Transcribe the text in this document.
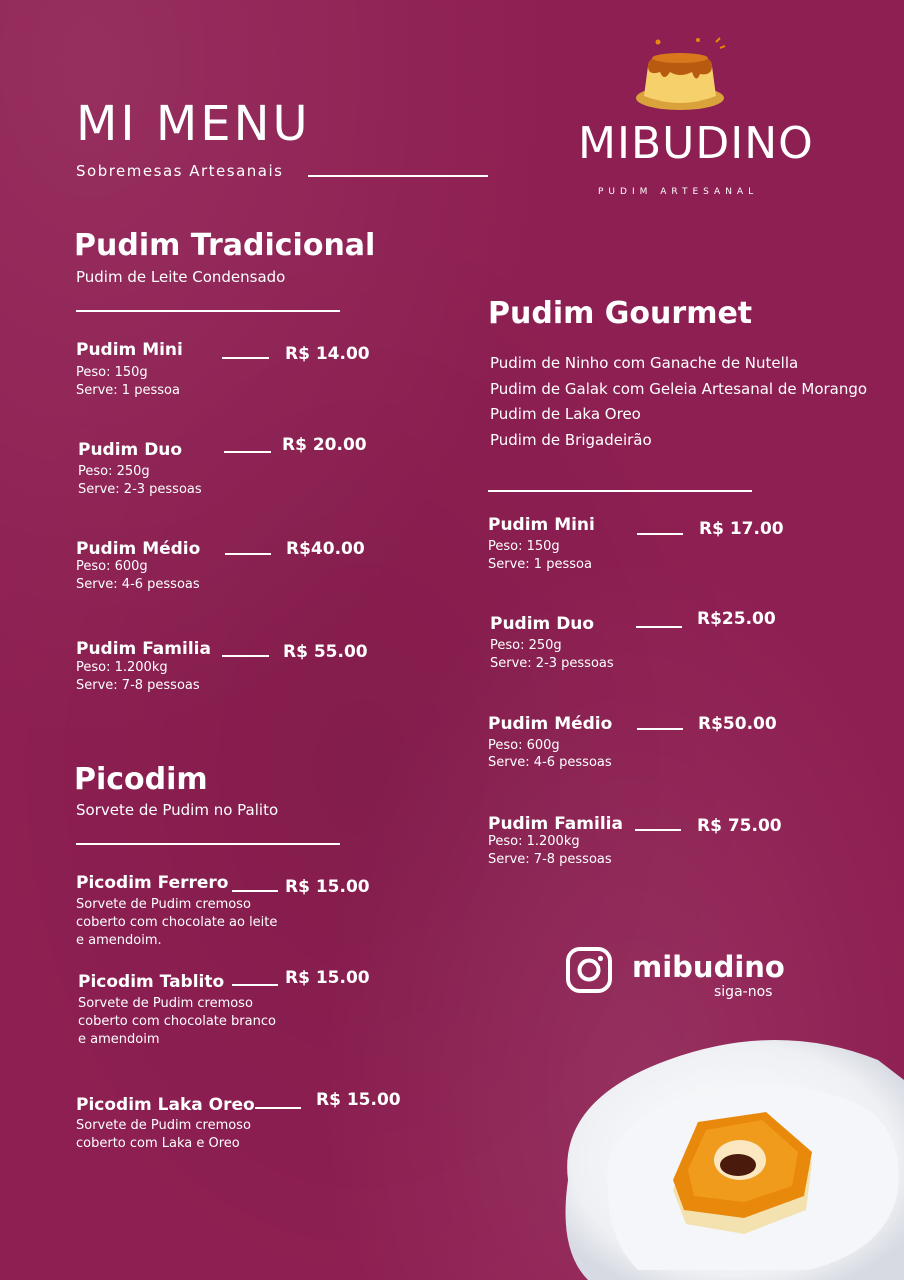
MI MENU
Sobremesas Artesanais
MIBUDINO
PUDIM ARTESANAL
Pudim Tradicional
Pudim de Leite Condensado
Pudim Mini	R$ 14.00
Peso: 150g
Serve: 1 pessoa
Pudim Duo	R$ 20.00
Peso: 250g
Serve: 2-3 pessoas
Pudim Médio	R$40.00
Peso: 600g
Serve: 4-6 pessoas
Pudim Familia	R$ 55.00
Peso: 1.200kg
Serve: 7-8 pessoas
Picodim
Sorvete de Pudim no Palito
Picodim Ferrero	R$ 15.00
Sorvete de Pudim cremoso
coberto com chocolate ao leite
e amendoim.
Picodim Tablito	R$ 15.00
Sorvete de Pudim cremoso
coberto com chocolate branco
e amendoim
Picodim Laka Oreo	R$ 15.00
Sorvete de Pudim cremoso
coberto com Laka e Oreo
Pudim Gourmet
Pudim de Ninho com Ganache de Nutella
Pudim de Galak com Geleia Artesanal de Morango
Pudim de Laka Oreo
Pudim de Brigadeirão
Pudim Mini	R$ 17.00
Peso: 150g
Serve: 1 pessoa
Pudim Duo	R$25.00
Peso: 250g
Serve: 2-3 pessoas
Pudim Médio	R$50.00
Peso: 600g
Serve: 4-6 pessoas
Pudim Familia	R$ 75.00
Peso: 1.200kg
Serve: 7-8 pessoas
mibudino
siga-nos
